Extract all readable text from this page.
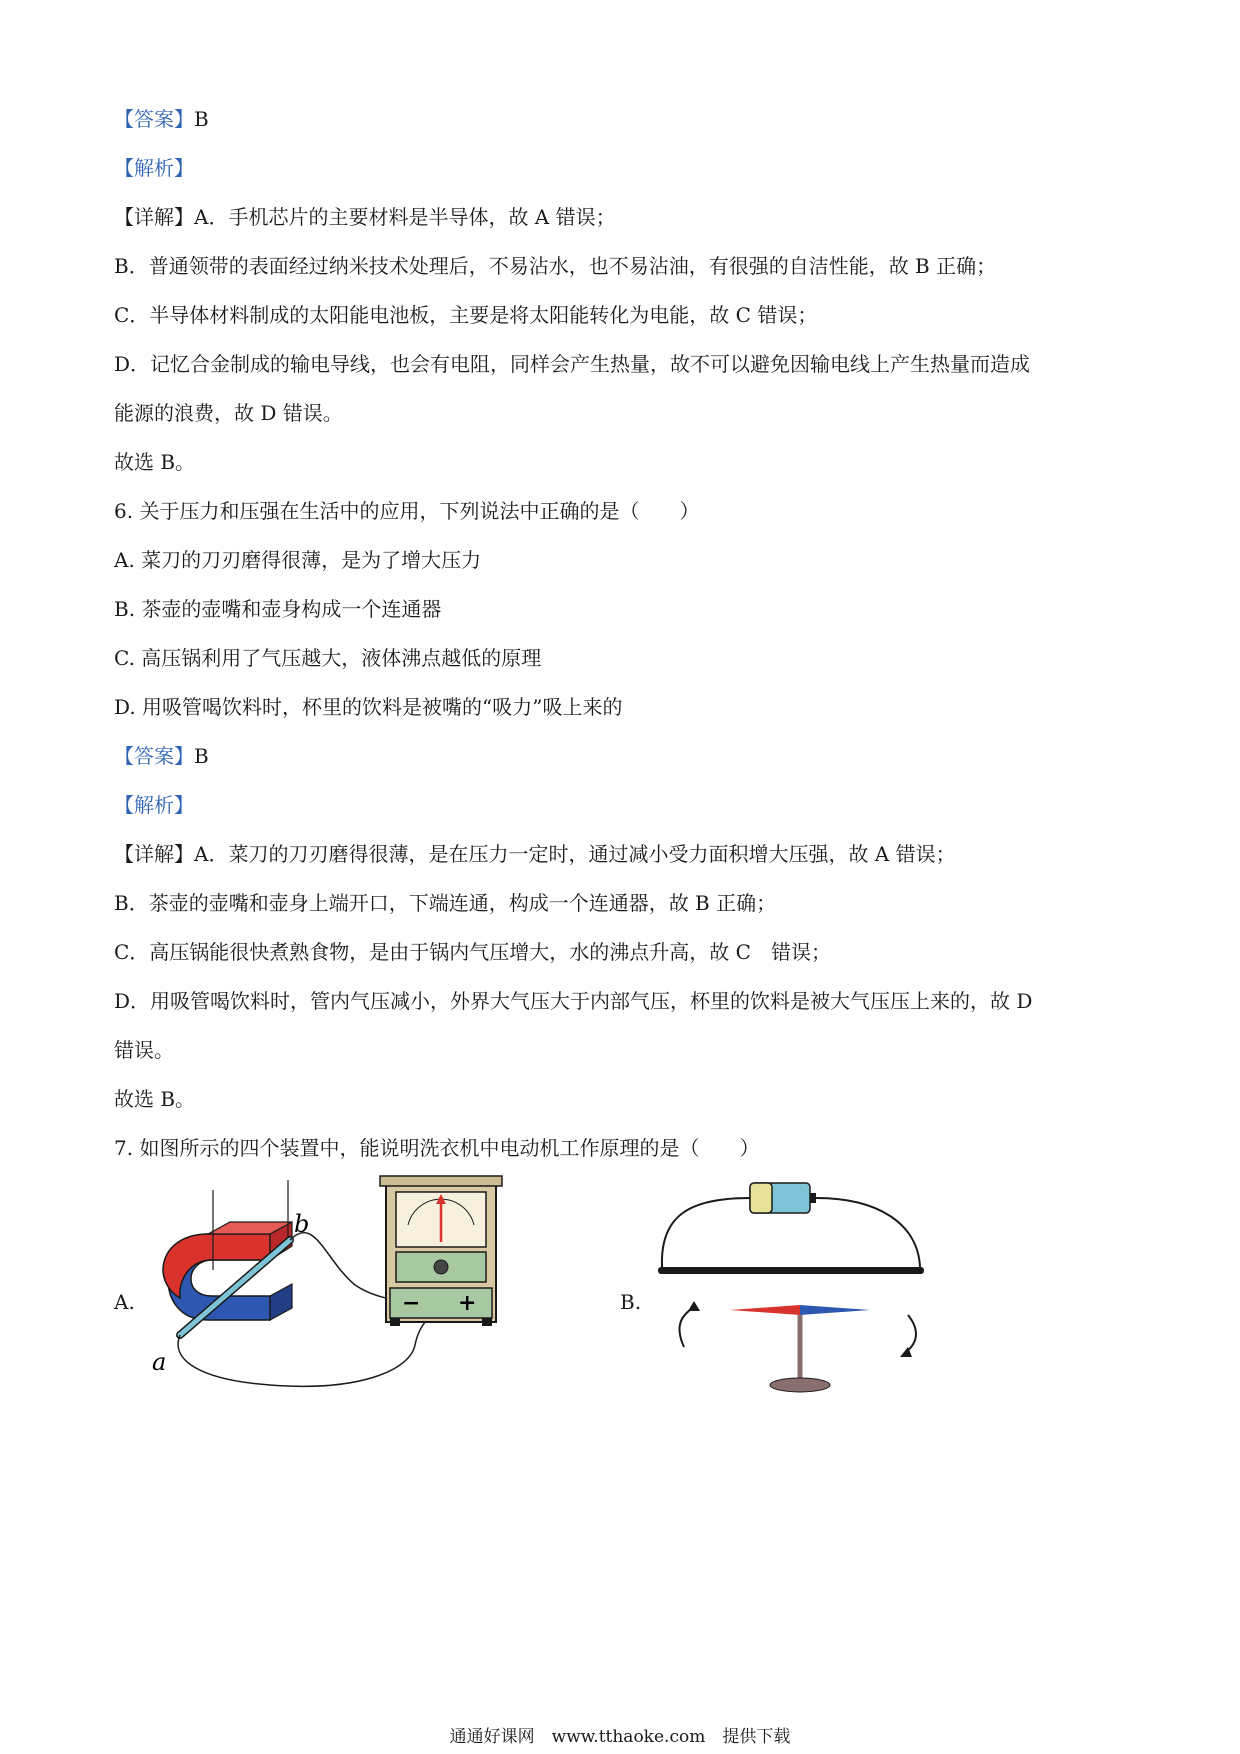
【答案】B
【解析】
【详解】A．手机芯片的主要材料是半导体，故 A 错误；
B．普通领带的表面经过纳米技术处理后，不易沾水，也不易沾油，有很强的自洁性能，故 B 正确；
C．半导体材料制成的太阳能电池板，主要是将太阳能转化为电能，故 C 错误；
D．记忆合金制成的输电导线，也会有电阻，同样会产生热量，故不可以避免因输电线上产生热量而造成
能源的浪费，故 D 错误。
故选 B。
6. 关于压力和压强在生活中的应用，下列说法中正确的是（　　）
A. 菜刀的刀刃磨得很薄，是为了增大压力
B. 茶壶的壶嘴和壶身构成一个连通器
C. 高压锅利用了气压越大，液体沸点越低的原理
D. 用吸管喝饮料时，杯里的饮料是被嘴的“吸力”吸上来的
【答案】B
【解析】
【详解】A．菜刀的刀刃磨得很薄，是在压力一定时，通过减小受力面积增大压强，故 A 错误；
B．茶壶的壶嘴和壶身上端开口，下端连通，构成一个连通器，故 B 正确；
C．高压锅能很快煮熟食物，是由于锅内气压增大，水的沸点升高，故 C　错误；
D．用吸管喝饮料时，管内气压减小，外界大气压大于内部气压，杯里的饮料是被大气压压上来的，故 D
错误。
故选 B。
7. 如图所示的四个装置中，能说明洗衣机中电动机工作原理的是（　　）
A.
b
a
− +	B.
通通好课网　www.tthaoke.com　提供下载
